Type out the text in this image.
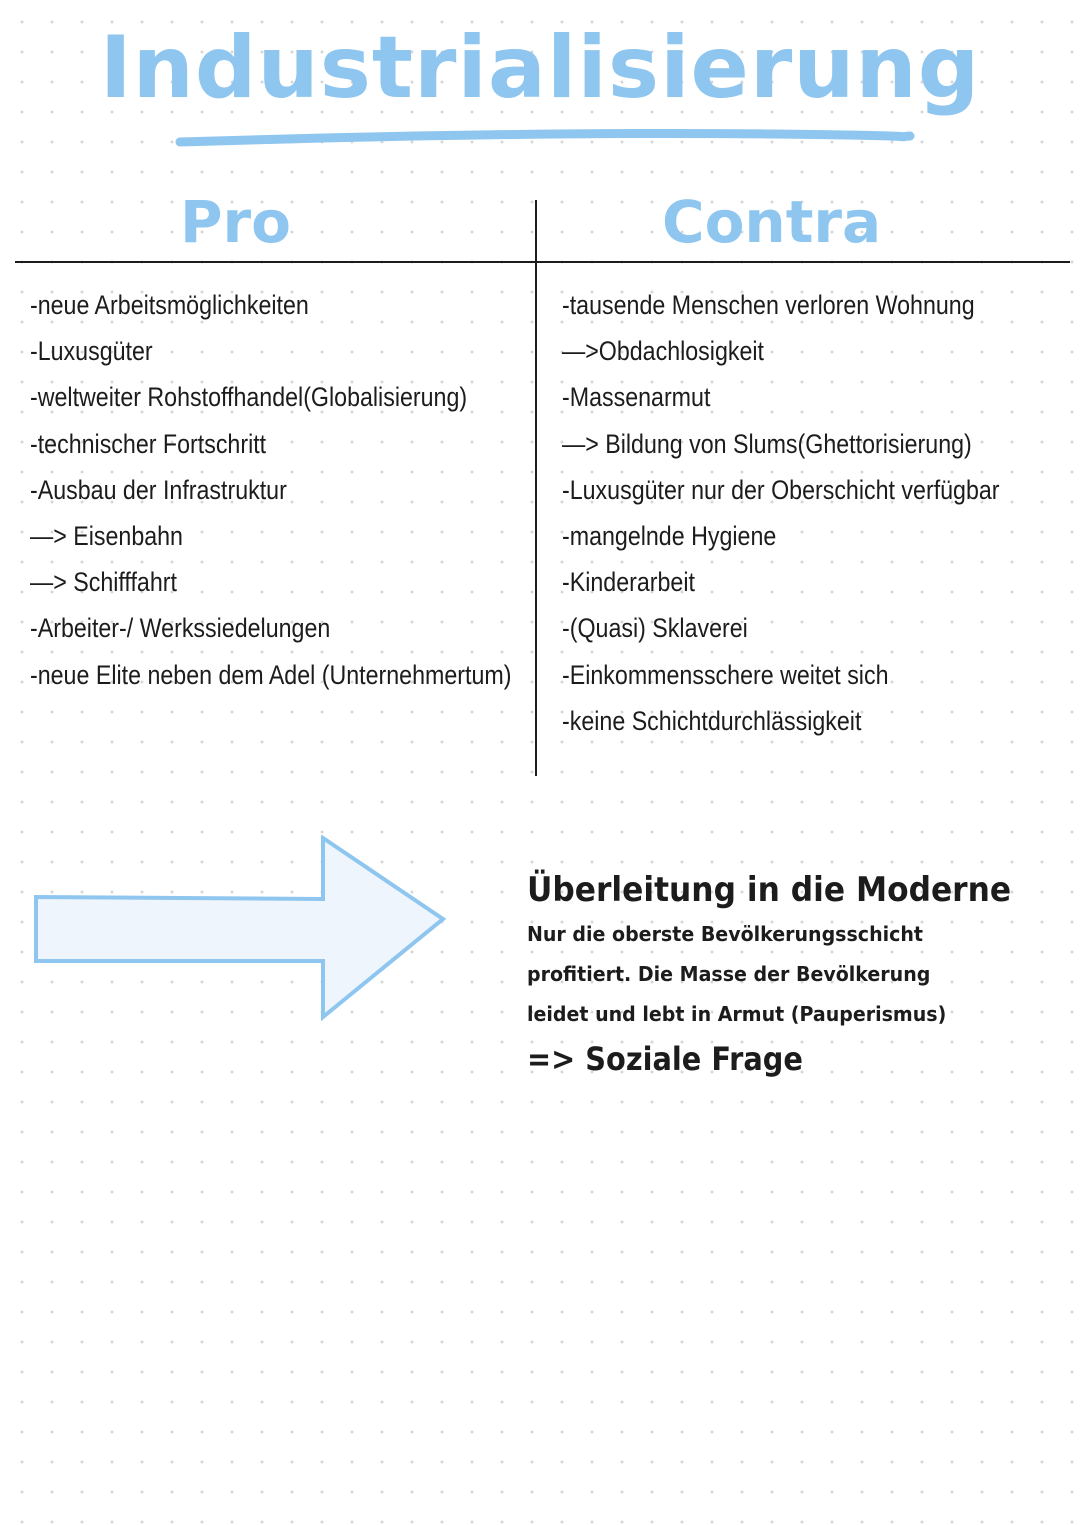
Industrialisierung
Pro	Contra
-neue Arbeitsmöglichkeiten
-Luxusgüter
-weltweiter Rohstoffhandel(Globalisierung)
-technischer Fortschritt
-Ausbau der Infrastruktur
—> Eisenbahn
—> Schifffahrt
-Arbeiter-/ Werkssiedelungen
-neue Elite neben dem Adel (Unternehmertum)
-tausende Menschen verloren Wohnung
—>Obdachlosigkeit
-Massenarmut
—> Bildung von Slums(Ghettorisierung)
-Luxusgüter nur der Oberschicht verfügbar
-mangelnde Hygiene
-Kinderarbeit
-(Quasi) Sklaverei
-Einkommensschere weitet sich
-keine Schichtdurchlässigkeit

Überleitung in die Moderne

Nur die oberste Bevölkerungsschicht profitiert. Die Masse der Bevölkerung leidet und lebt in Armut (Pauperismus)

=> Soziale Frage
